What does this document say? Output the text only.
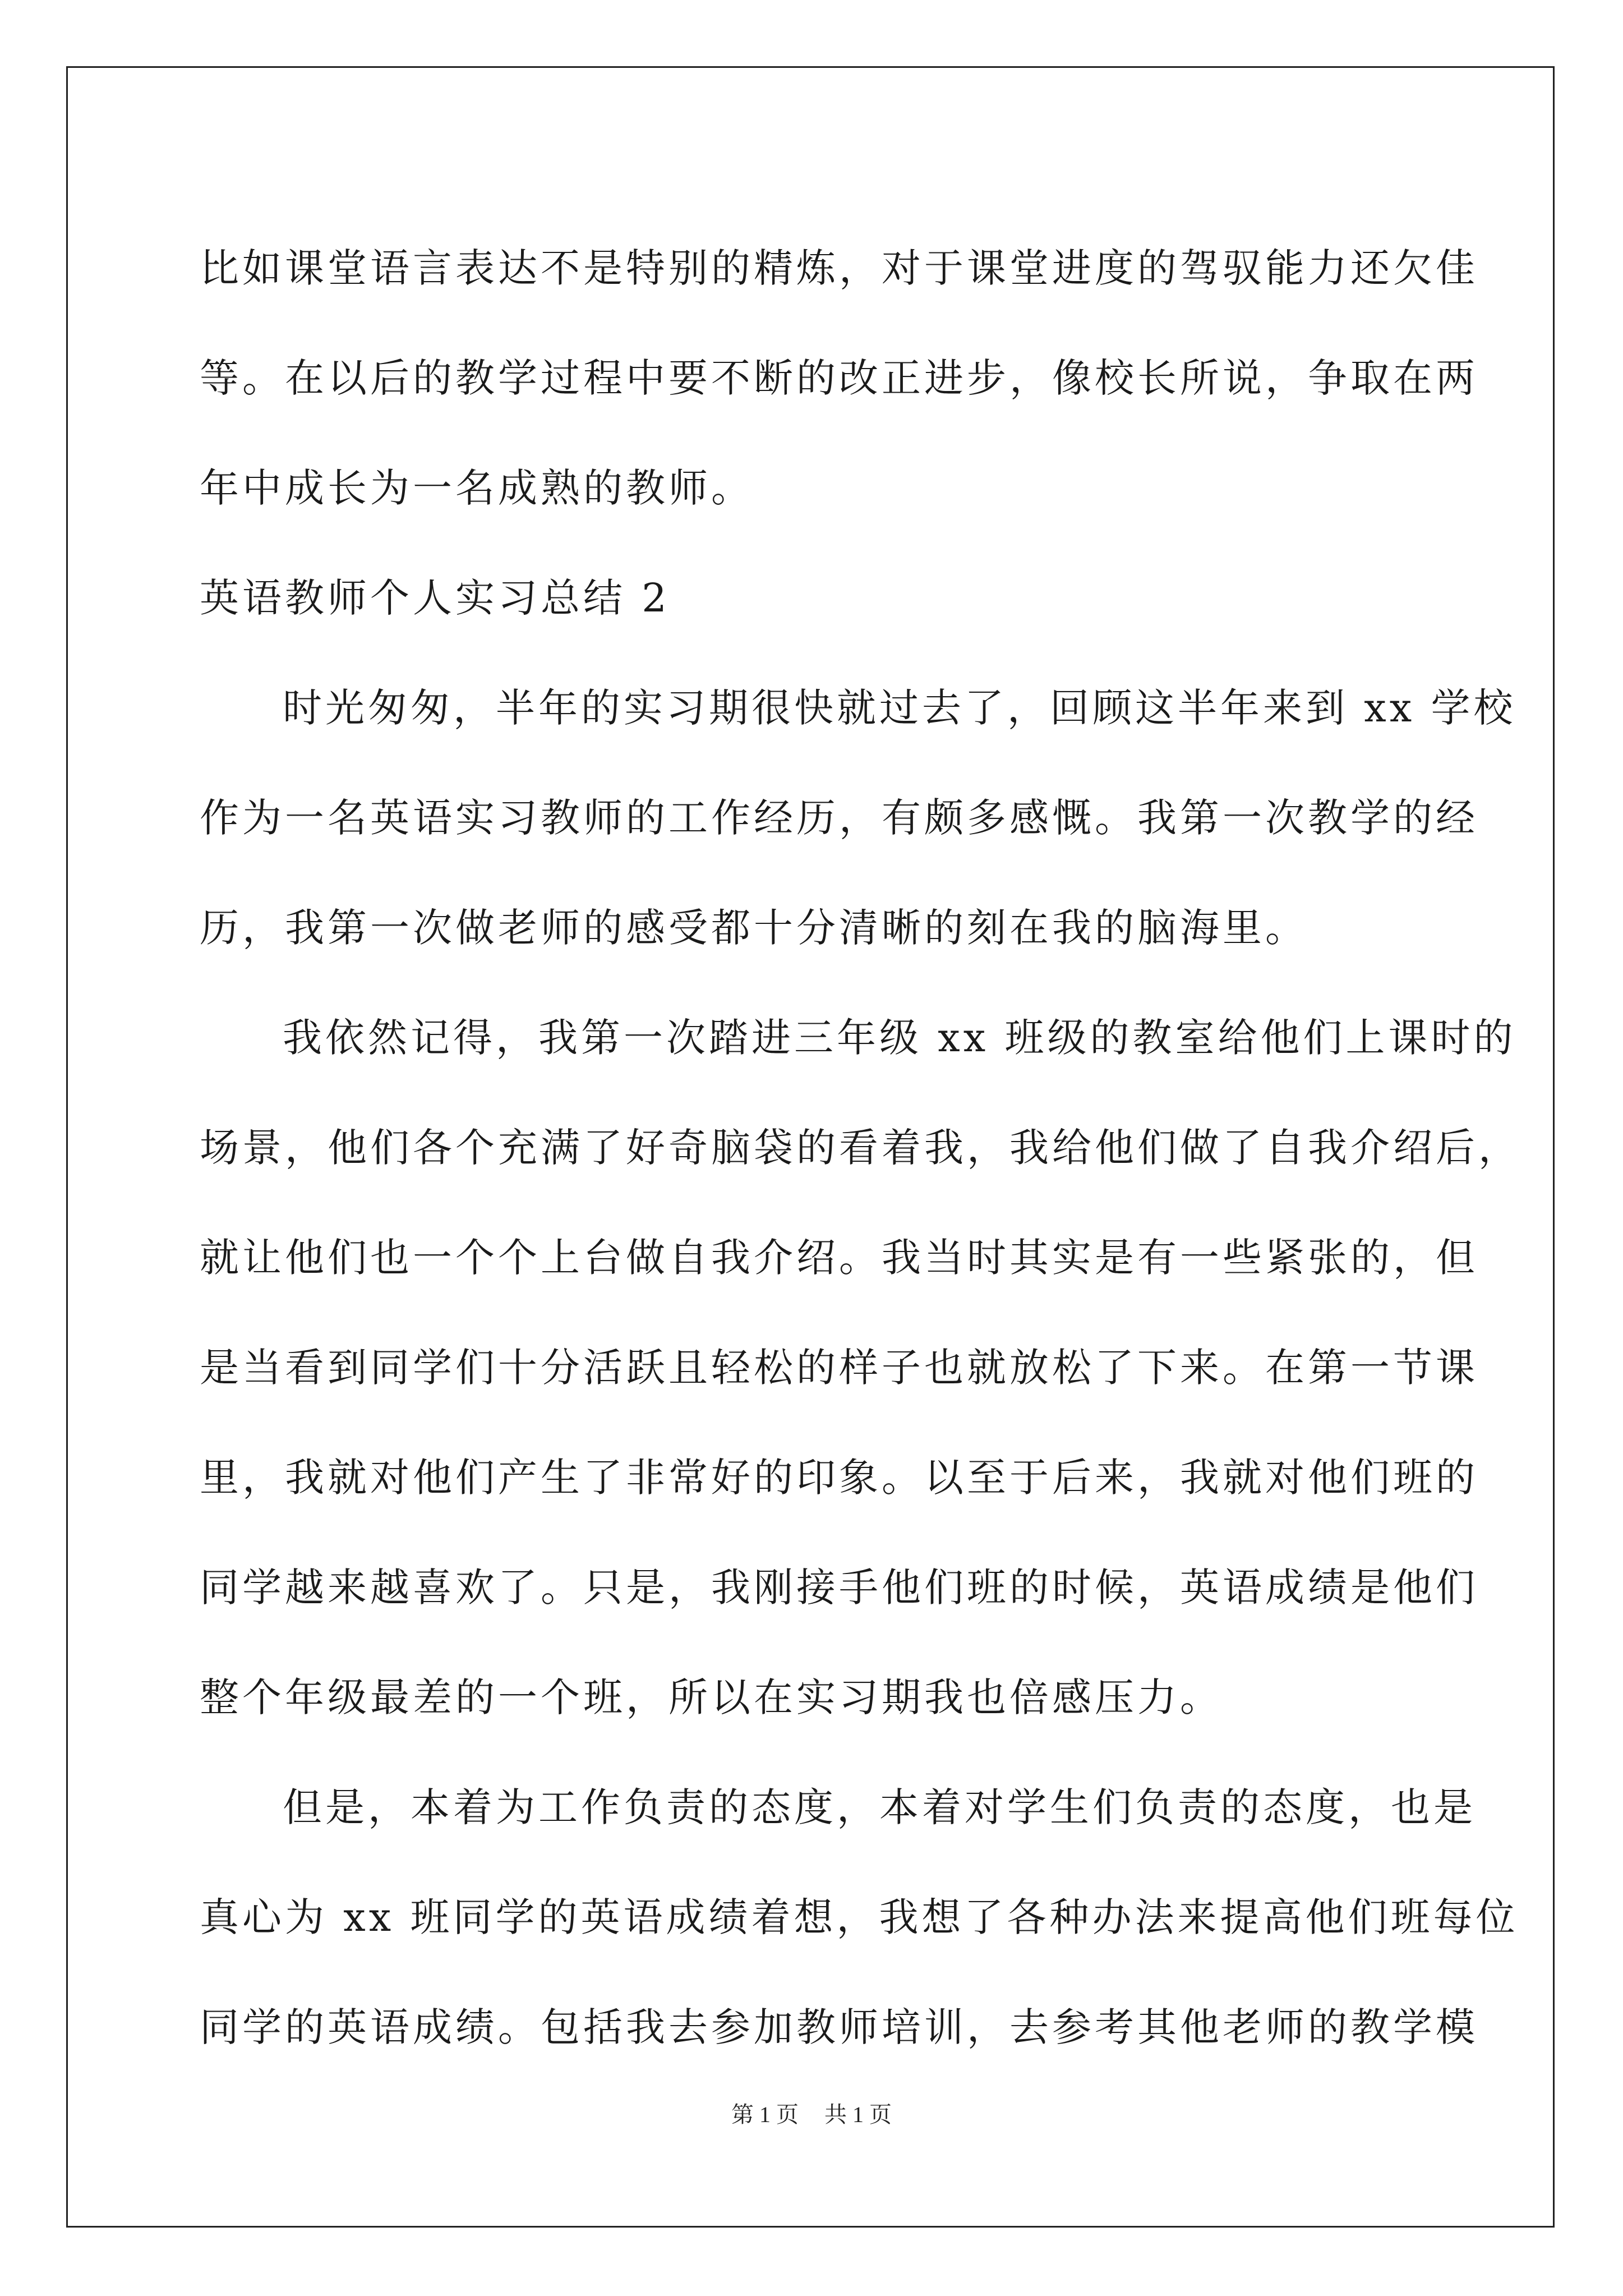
比如课堂语言表达不是特别的精炼，对于课堂进度的驾驭能力还欠佳
等。在以后的教学过程中要不断的改正进步，像校长所说，争取在两
年中成长为一名成熟的教师。
英语教师个人实习总结 2
时光匆匆，半年的实习期很快就过去了，回顾这半年来到 xx 学校
作为一名英语实习教师的工作经历，有颇多感慨。我第一次教学的经
历，我第一次做老师的感受都十分清晰的刻在我的脑海里。
我依然记得，我第一次踏进三年级 xx 班级的教室给他们上课时的
场景，他们各个充满了好奇脑袋的看着我，我给他们做了自我介绍后，
就让他们也一个个上台做自我介绍。我当时其实是有一些紧张的，但
是当看到同学们十分活跃且轻松的样子也就放松了下来。在第一节课
里，我就对他们产生了非常好的印象。以至于后来，我就对他们班的
同学越来越喜欢了。只是，我刚接手他们班的时候，英语成绩是他们
整个年级最差的一个班，所以在实习期我也倍感压力。
但是，本着为工作负责的态度，本着对学生们负责的态度，也是
真心为 xx 班同学的英语成绩着想，我想了各种办法来提高他们班每位
同学的英语成绩。包括我去参加教师培训，去参考其他老师的教学模
第 1 页 共 1 页
